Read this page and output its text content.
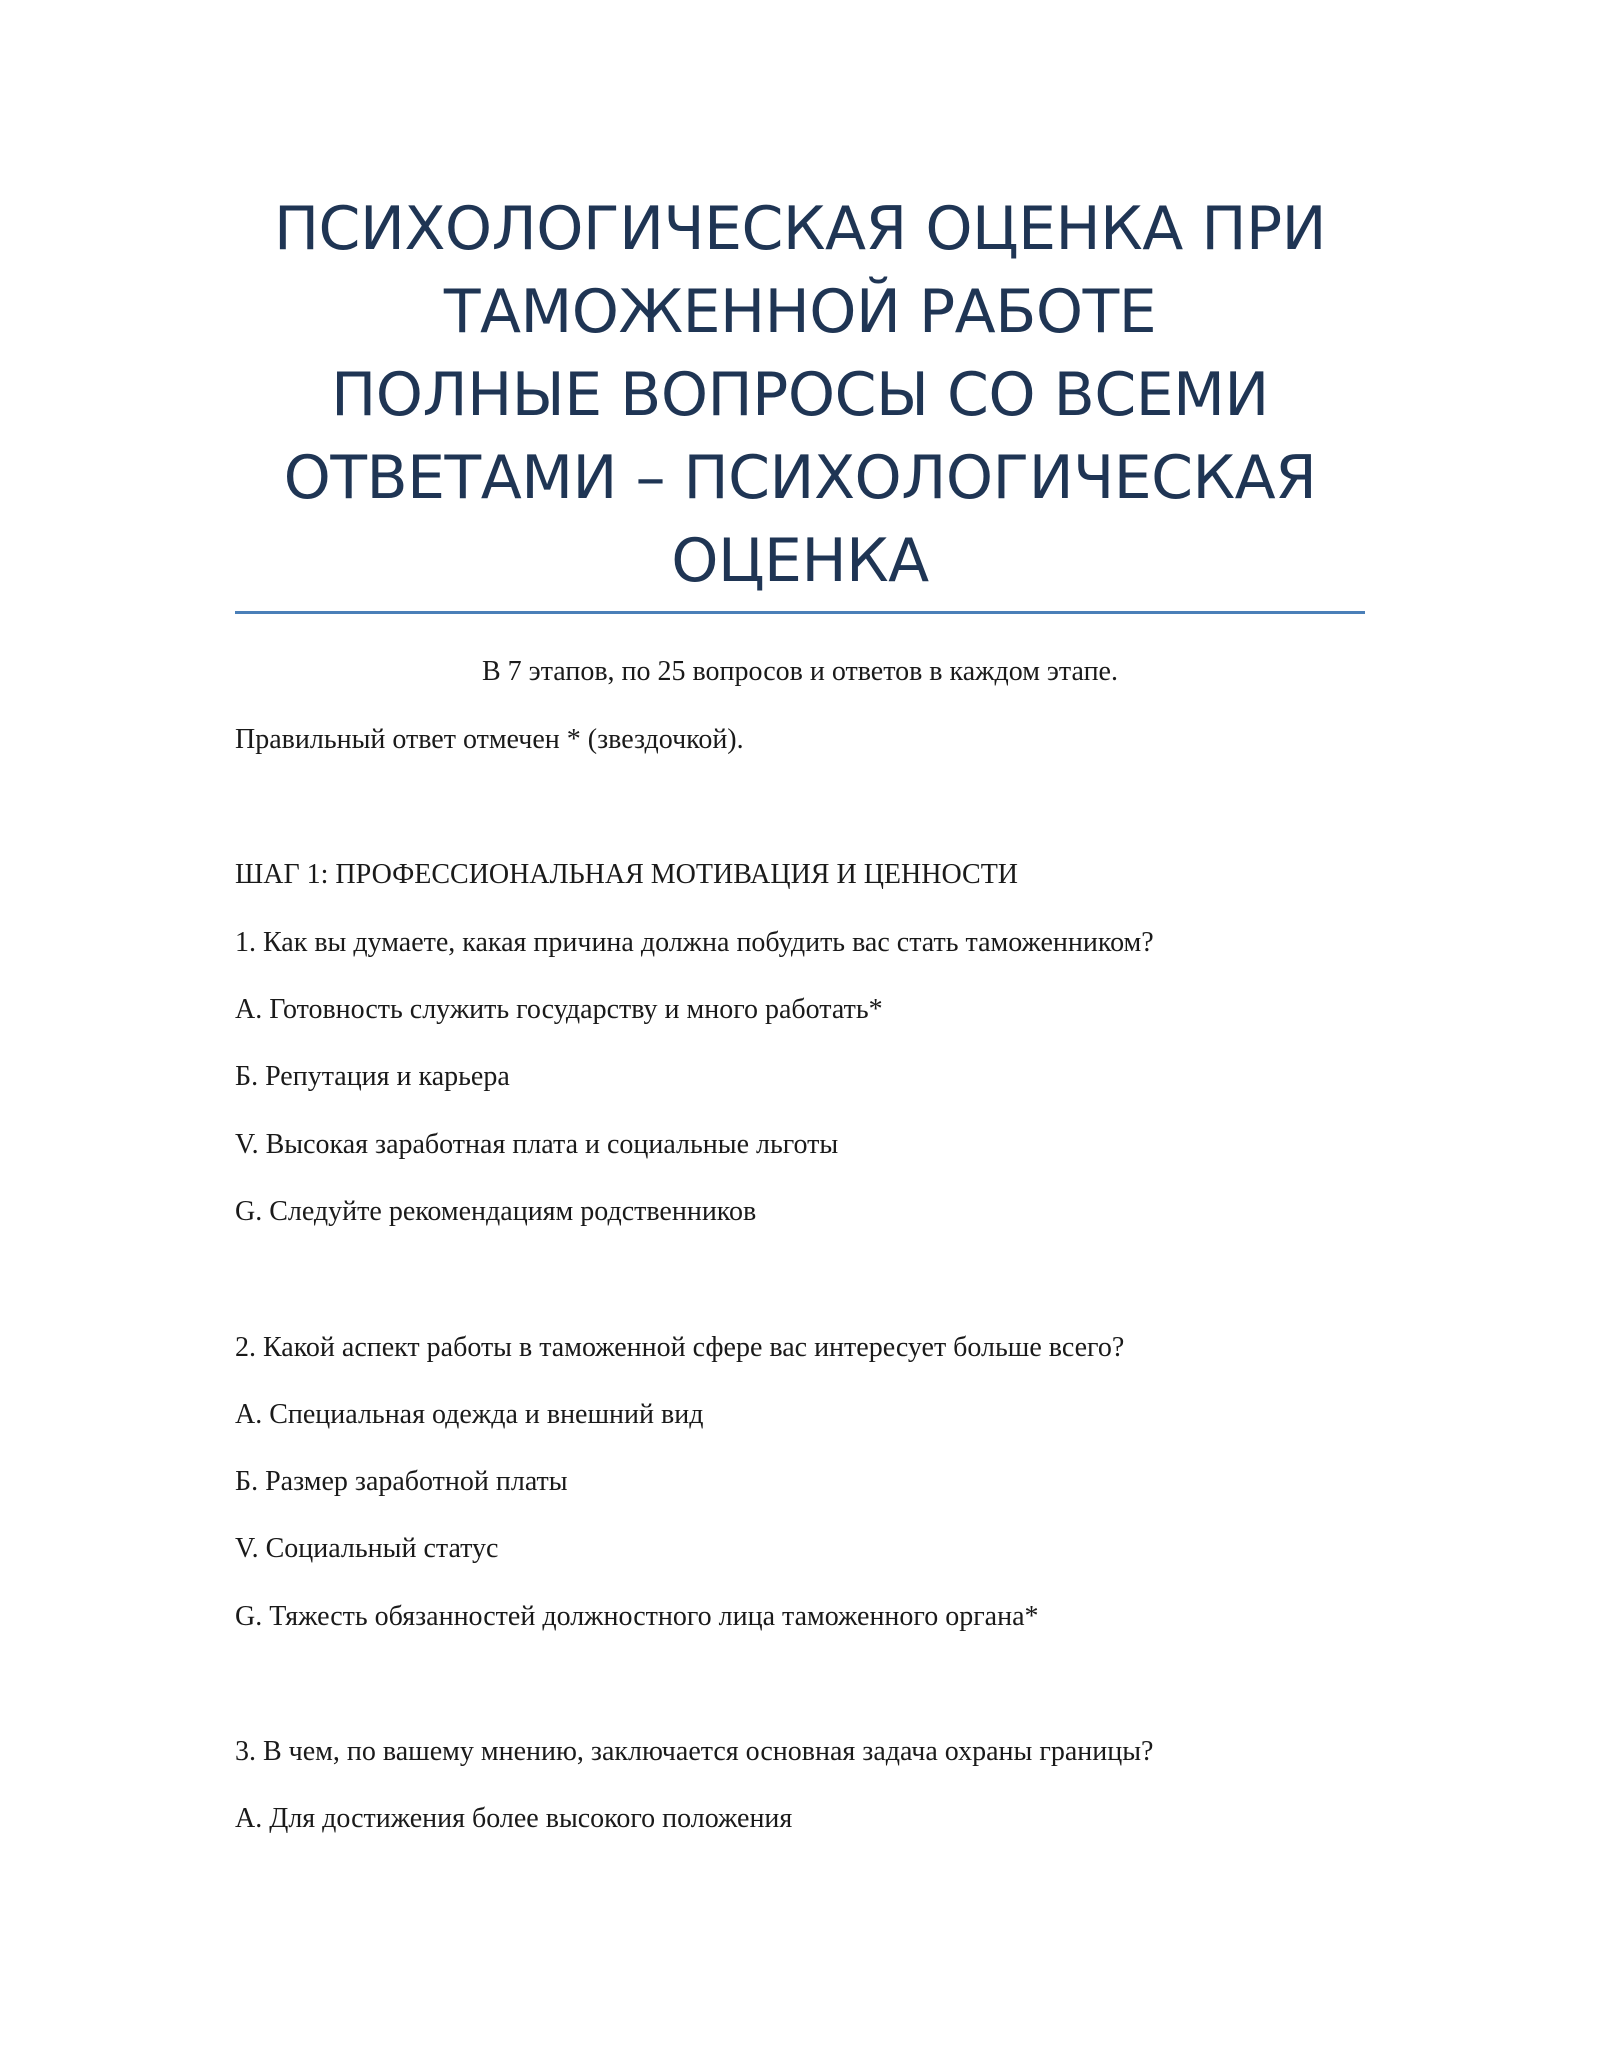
ПСИХОЛОГИЧЕСКАЯ ОЦЕНКА ПРИ
ТАМОЖЕННОЙ РАБОТЕ
ПОЛНЫЕ ВОПРОСЫ СО ВСЕМИ
ОТВЕТАМИ – ПСИХОЛОГИЧЕСКАЯ
ОЦЕНКА
В 7 этапов, по 25 вопросов и ответов в каждом этапе.
Правильный ответ отмечен * (звездочкой).
ШАГ 1: ПРОФЕССИОНАЛЬНАЯ МОТИВАЦИЯ И ЦЕННОСТИ
1. Как вы думаете, какая причина должна побудить вас стать таможенником?
A. Готовность служить государству и много работать*
Б. Репутация и карьера
V. Высокая заработная плата и социальные льготы
G. Следуйте рекомендациям родственников
2. Какой аспект работы в таможенной сфере вас интересует больше всего?
A. Специальная одежда и внешний вид
Б. Размер заработной платы
V. Социальный статус
G. Тяжесть обязанностей должностного лица таможенного органа*
3. В чем, по вашему мнению, заключается основная задача охраны границы?
A. Для достижения более высокого положения
